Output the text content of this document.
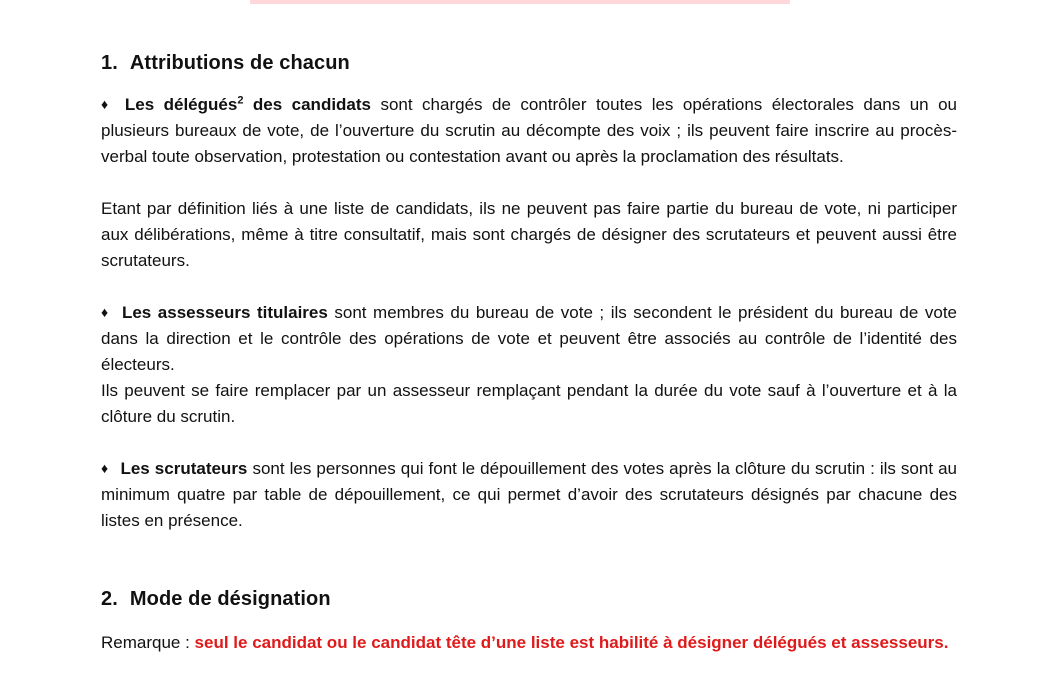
1. Attributions de chacun

♦ Les délégués$^2$ des candidats sont chargés de contrôler toutes les opérations électorales dans un ou plusieurs bureaux de vote, de l’ouverture du scrutin au décompte des voix ; ils peuvent faire inscrire au procès-verbal toute observation, protestation ou contestation avant ou après la proclamation des résultats.

Etant par définition liés à une liste de candidats, ils ne peuvent pas faire partie du bureau de vote, ni participer aux délibérations, même à titre consultatif, mais sont chargés de désigner des scrutateurs et peuvent aussi être scrutateurs.

♦ Les assesseurs titulaires sont membres du bureau de vote ; ils secondent le président du bureau de vote dans la direction et le contrôle des opérations de vote et peuvent être associés au contrôle de l’identité des électeurs.

Ils peuvent se faire remplacer par un assesseur remplaçant pendant la durée du vote sauf à l’ouverture et à la clôture du scrutin.

♦ Les scrutateurs sont les personnes qui font le dépouillement des votes après la clôture du scrutin : ils sont au minimum quatre par table de dépouillement, ce qui permet d’avoir des scrutateurs désignés par chacune des listes en présence.

2. Mode de désignation

Remarque : seul le candidat ou le candidat tête d’une liste est habilité à désigner délégués et assesseurs.
